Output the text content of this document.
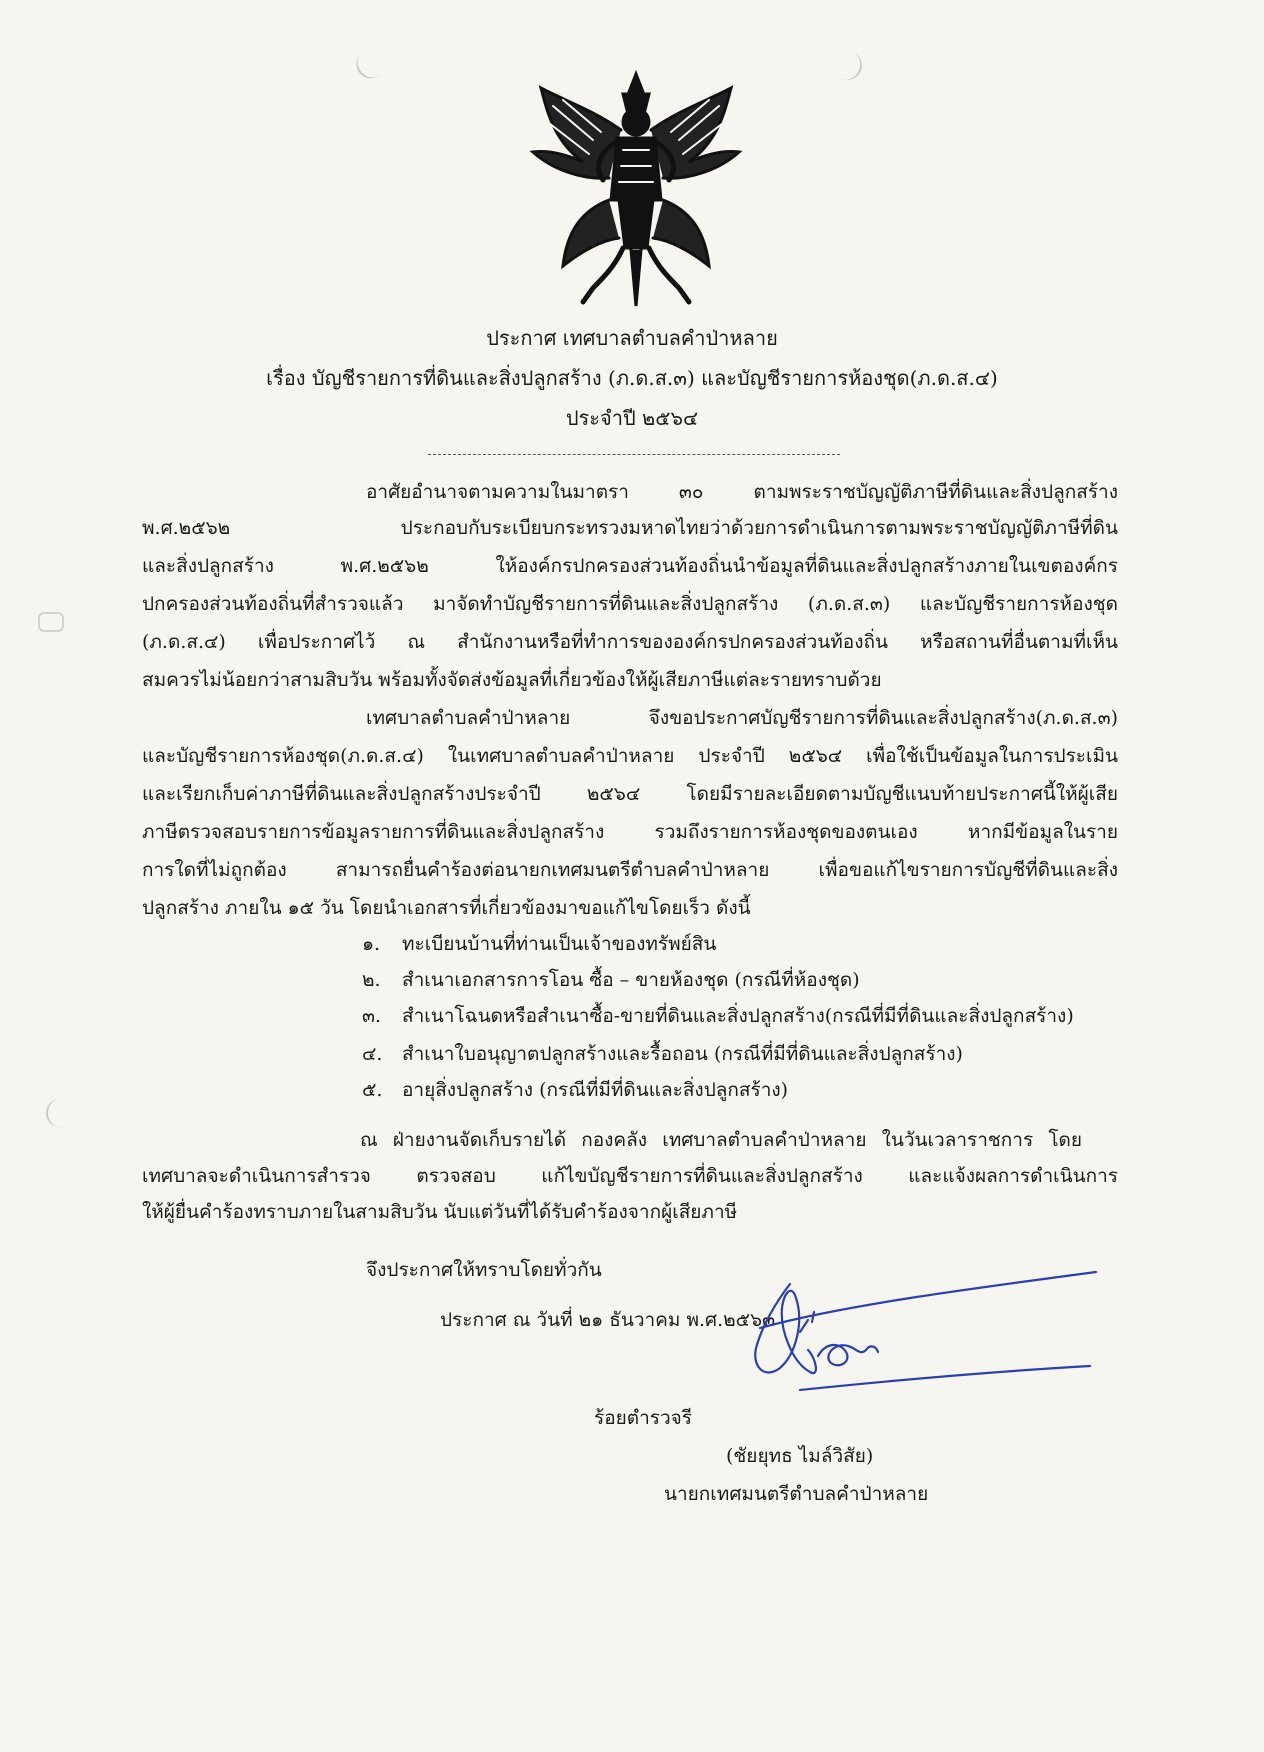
ประกาศ เทศบาลตำบลคำป่าหลาย
เรื่อง บัญชีรายการที่ดินและสิ่งปลูกสร้าง (ภ.ด.ส.๓) และบัญชีรายการห้องชุด(ภ.ด.ส.๔)
ประจำปี ๒๕๖๔
อาศัยอำนาจตามความในมาตรา ๓๐ ตามพระราชบัญญัติภาษีที่ดินและสิ่งปลูกสร้าง
พ.ศ.๒๕๖๒ ประกอบกับระเบียบกระทรวงมหาดไทยว่าด้วยการดำเนินการตามพระราชบัญญัติภาษีที่ดิน
และสิ่งปลูกสร้าง พ.ศ.๒๕๖๒ ให้องค์กรปกครองส่วนท้องถิ่นนำข้อมูลที่ดินและสิ่งปลูกสร้างภายในเขตองค์กร
ปกครองส่วนท้องถิ่นที่สำรวจแล้ว มาจัดทำบัญชีรายการที่ดินและสิ่งปลูกสร้าง (ภ.ด.ส.๓) และบัญชีรายการห้องชุด
(ภ.ด.ส.๔) เพื่อประกาศไว้ ณ สำนักงานหรือที่ทำการขององค์กรปกครองส่วนท้องถิ่น หรือสถานที่อื่นตามที่เห็น
สมควรไม่น้อยกว่าสามสิบวัน พร้อมทั้งจัดส่งข้อมูลที่เกี่ยวข้องให้ผู้เสียภาษีแต่ละรายทราบด้วย
เทศบาลตำบลคำป่าหลาย จึงขอประกาศบัญชีรายการที่ดินและสิ่งปลูกสร้าง(ภ.ด.ส.๓)
และบัญชีรายการห้องชุด(ภ.ด.ส.๔) ในเทศบาลตำบลคำป่าหลาย ประจำปี ๒๕๖๔ เพื่อใช้เป็นข้อมูลในการประเมิน
และเรียกเก็บค่าภาษีที่ดินและสิ่งปลูกสร้างประจำปี ๒๕๖๔ โดยมีรายละเอียดตามบัญชีแนบท้ายประกาศนี้ให้ผู้เสีย
ภาษีตรวจสอบรายการข้อมูลรายการที่ดินและสิ่งปลูกสร้าง รวมถึงรายการห้องชุดของตนเอง หากมีข้อมูลในราย
การใดที่ไม่ถูกต้อง สามารถยื่นคำร้องต่อนายกเทศมนตรีตำบลคำป่าหลาย เพื่อขอแก้ไขรายการบัญชีที่ดินและสิ่ง
ปลูกสร้าง ภายใน ๑๕ วัน โดยนำเอกสารที่เกี่ยวข้องมาขอแก้ไขโดยเร็ว ดังนี้
๑. ทะเบียนบ้านที่ท่านเป็นเจ้าของทรัพย์สิน
๒. สำเนาเอกสารการโอน ซื้อ – ขายห้องชุด (กรณีที่ห้องชุด)
๓. สำเนาโฉนดหรือสำเนาซื้อ-ขายที่ดินและสิ่งปลูกสร้าง(กรณีที่มีที่ดินและสิ่งปลูกสร้าง)
๔. สำเนาใบอนุญาตปลูกสร้างและรื้อถอน (กรณีที่มีที่ดินและสิ่งปลูกสร้าง)
๕. อายุสิ่งปลูกสร้าง (กรณีที่มีที่ดินและสิ่งปลูกสร้าง)
ณ ฝ่ายงานจัดเก็บรายได้ กองคลัง เทศบาลตำบลคำป่าหลาย ในวันเวลาราชการ โดย
เทศบาลจะดำเนินการสำรวจ ตรวจสอบ แก้ไขบัญชีรายการที่ดินและสิ่งปลูกสร้าง และแจ้งผลการดำเนินการ
ให้ผู้ยื่นคำร้องทราบภายในสามสิบวัน นับแต่วันที่ได้รับคำร้องจากผู้เสียภาษี
จึงประกาศให้ทราบโดยทั่วกัน
ประกาศ ณ วันที่ ๒๑ ธันวาคม พ.ศ.๒๕๖๓
ร้อยตำรวจรี
(ชัยยุทธ ไมล์วิสัย)
นายกเทศมนตรีตำบลคำป่าหลาย
